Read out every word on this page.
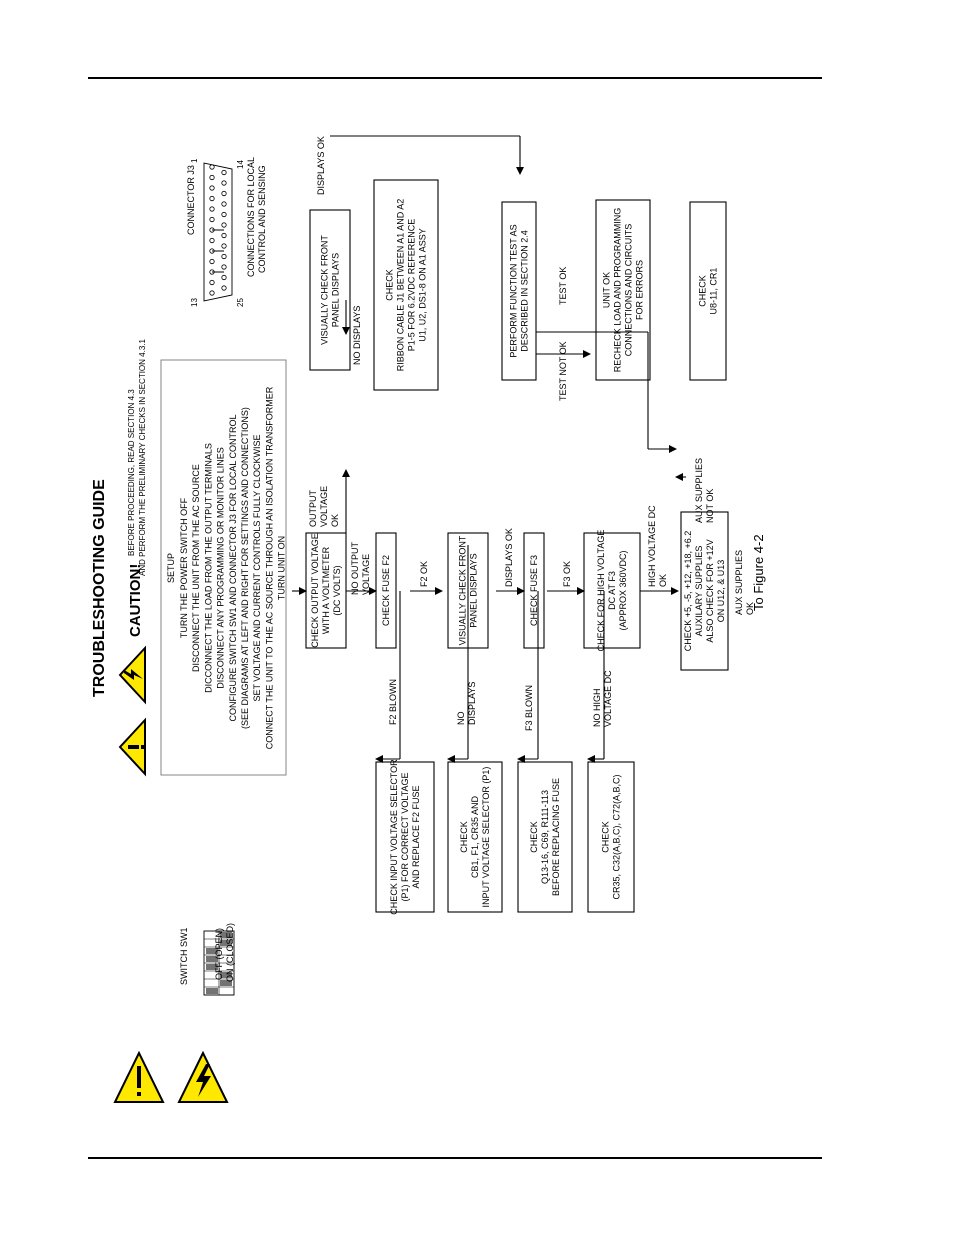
TROUBLESHOOTING GUIDE CAUTION!
BEFORE PROCEEDING, READ SECTION 4.3 AND PERFORM THE PRELIMINARY CHECKS IN SECTION 4.3.1 SETUP TURN THE POWER SWITCH OFF DISCONNECT THE UNIT FROM THE AC SOURCE DICCONNECT THE LOAD FROM THE OUTPUT TERMINALS DISCONNECT ANY PROGRAMMING OR MONITOR LINES CONFIGURE SWITCH SW1 AND CONNECTOR J3 FOR LOCAL CONTROL (SEE DIAGRAMS AT LEFT AND RIGHT FOR SETTINGS AND CONNECTIONS) SET VOLTAGE AND CURRENT CONTROLS FULLY CLOCKWISE CONNECT THE UNIT TO THE AC SOURCE THROUGH AN ISOLATION TRANSFORMER TURN UNIT ON
SWITCH SW1	OFF (OPEN) ON (CLOSED)
CONNECTOR J3
13
1
25
14 CONNECTIONS FOR LOCAL CONTROL AND SENSING
CHECK OUTPUT VOLTAGE WITH A VOLTMETER (DC VOLTS)	CHECK FUSE F2	VISUALLY CHECK FRONT PANEL DISPLAYS	CHECK FUSE F3	CHECK FOR HIGH VOLTAGE DC AT F3 (APPROX 360VDC)	CHECK +5, -5, +12, +18, +6.2 AUXILARY SUPPLIES ALSO CHECK FOR +12V ON U12, & U13
VISUALLY CHECK FRONT PANEL DISPLAYS	CHECK RIBBON CABLE J1 BETWEEN A1 AND A2 P1-5 FOR 6.2VDC REFERENCE U1, U2, DS1-8 ON A1 ASSY	PERFORM FUNCTION TEST AS DESCRIBED IN SECTION 2.4	UNIT OK RECHECK LOAD AND PROGRAMMING CONNECTIONS AND CIRCUITS FOR ERRORS	CHECK U8-11, CR1
CHECK INPUT VOLTAGE SELECTOR (P1) FOR CORRECT VOLTAGE AND REPLACE F2 FUSE	CHECK CB1, F1, CR35 AND INPUT VOLTAGE SELECTOR (P1)	CHECK Q13-16, C69, R111-113 BEFORE REPLACING FUSE	CHECK CR35, C32(A,B,C), C72(A,B,C)
OUTPUT VOLTAGE OK
NO OUTPUT VOLTAGE	F2 OK	DISPLAYS OK	F3 OK	HIGH VOLTAGE DC OK	AUX SUPPLIES OK
AUX SUPPLIES NOT OK
DISPLAYS OK
NO DISPLAYS
TEST OK
TEST NOT OK
F2 BLOWN	NO DISPLAYS	F3 BLOWN	NO HIGH VOLTAGE DC
To Figure 4-2
